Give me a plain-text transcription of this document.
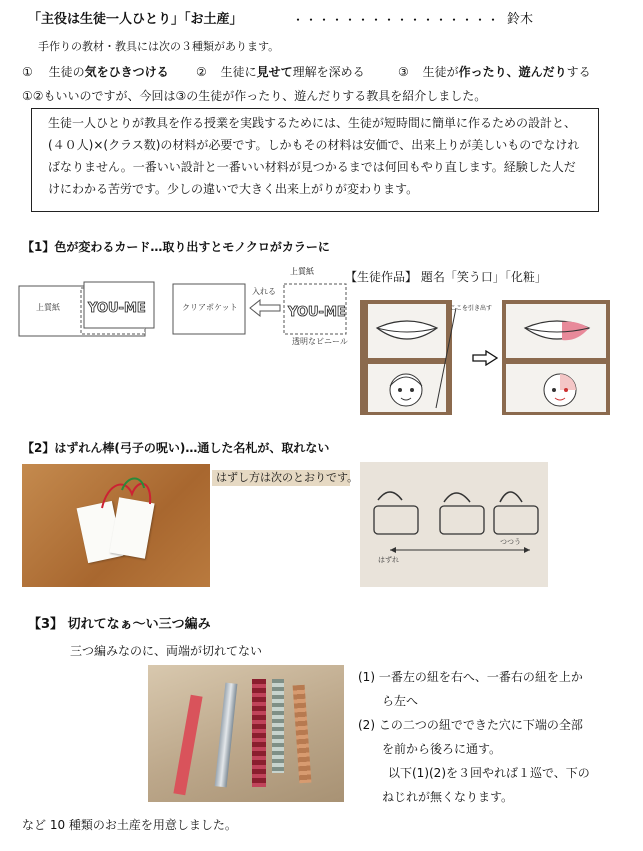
「主役は生徒一人ひとり」「お土産」	・・・・・・・・・・・・・・・・ 鈴木
手作りの教材・教具には次の３種類があります。
① 生徒の気をひきつける ② 生徒に見せて理解を深める	③ 生徒が作ったり、遊んだりする
①②もいいのですが、今回は③の生徒が作ったり、遊んだりする教具を紹介しました。
生徒一人ひとりが教具を作る授業を実践するためには、生徒が短時間に簡単に作るための設計と、(４０人)×(クラス数)の材料が必要です。しかもその材料は安価で、出来上りが美しいものでなければなりません。一番いい設計と一番いい材料が見つかるまでは何回もやり直します。経験した人だけにわかる苦労です。少しの違いで大きく出来上がりが変わります。
【1】色が変わるカード…取り出すとモノクロがカラーに
上質紙 YOU-ME	クリアポケット
入れる
YOU-ME
透明なビニール
上質紙	【生徒作品】 題名「笑う口」「化粧」
ここを引き出す
【2】はずれん棒(弓子の呪い)…通した名札が、取れない
はずし方は次のとおりです。
はずれ
つつう
【3】 切れてなぁ～い三つ編み
三つ編みなのに、両端が切れてない
(1) 一番左の紐を右へ、一番右の紐を上か
ら左へ
(2) この二つの紐でできた穴に下端の全部
を前から後ろに通す。
以下(1)(2)を３回やれば１巡で、下の
ねじれが無くなります。
など 10 種類のお土産を用意しました。
